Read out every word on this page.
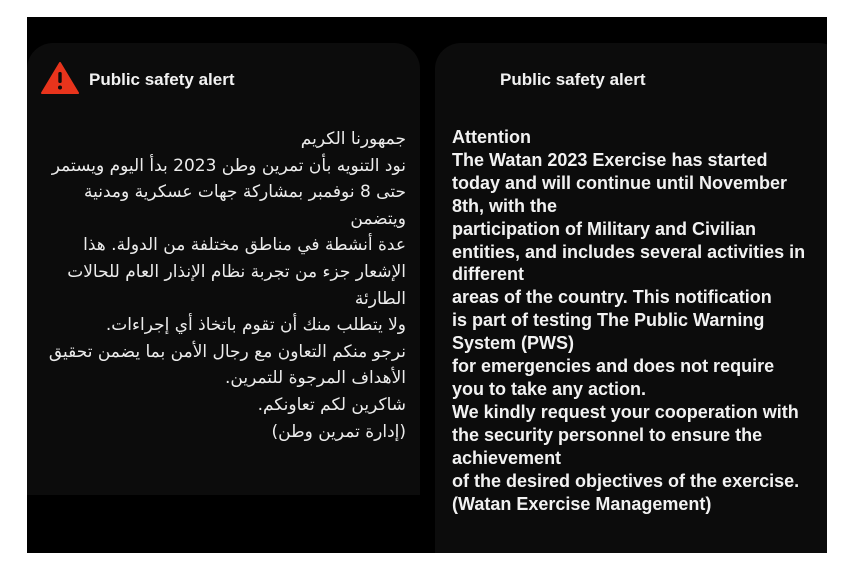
Public safety alert
جمهورنا الكريم
نود التنويه بأن تمرين وطن 2023 بدأ اليوم ويستمر
حتى 8 نوفمبر بمشاركة جهات عسكرية ومدنية
ويتضمن
عدة أنشطة في مناطق مختلفة من الدولة. هذا
الإشعار جزء من تجربة نظام الإنذار العام للحالات
الطارئة
ولا يتطلب منك أن تقوم باتخاذ أي إجراءات.
نرجو منكم التعاون مع رجال الأمن بما يضمن تحقيق
الأهداف المرجوة للتمرين.
شاكرين لكم تعاونكم.
(إدارة تمرين وطن)
Public safety alert
Attention
The Watan 2023 Exercise has started
today and will continue until November
8th, with the
participation of Military and Civilian
entities, and includes several activities in
different
areas of the country. This notification
is part of testing The Public Warning
System (PWS)
for emergencies and does not require
you to take any action.
We kindly request your cooperation with
the security personnel to ensure the
achievement
of the desired objectives of the exercise.
(Watan Exercise Management)
